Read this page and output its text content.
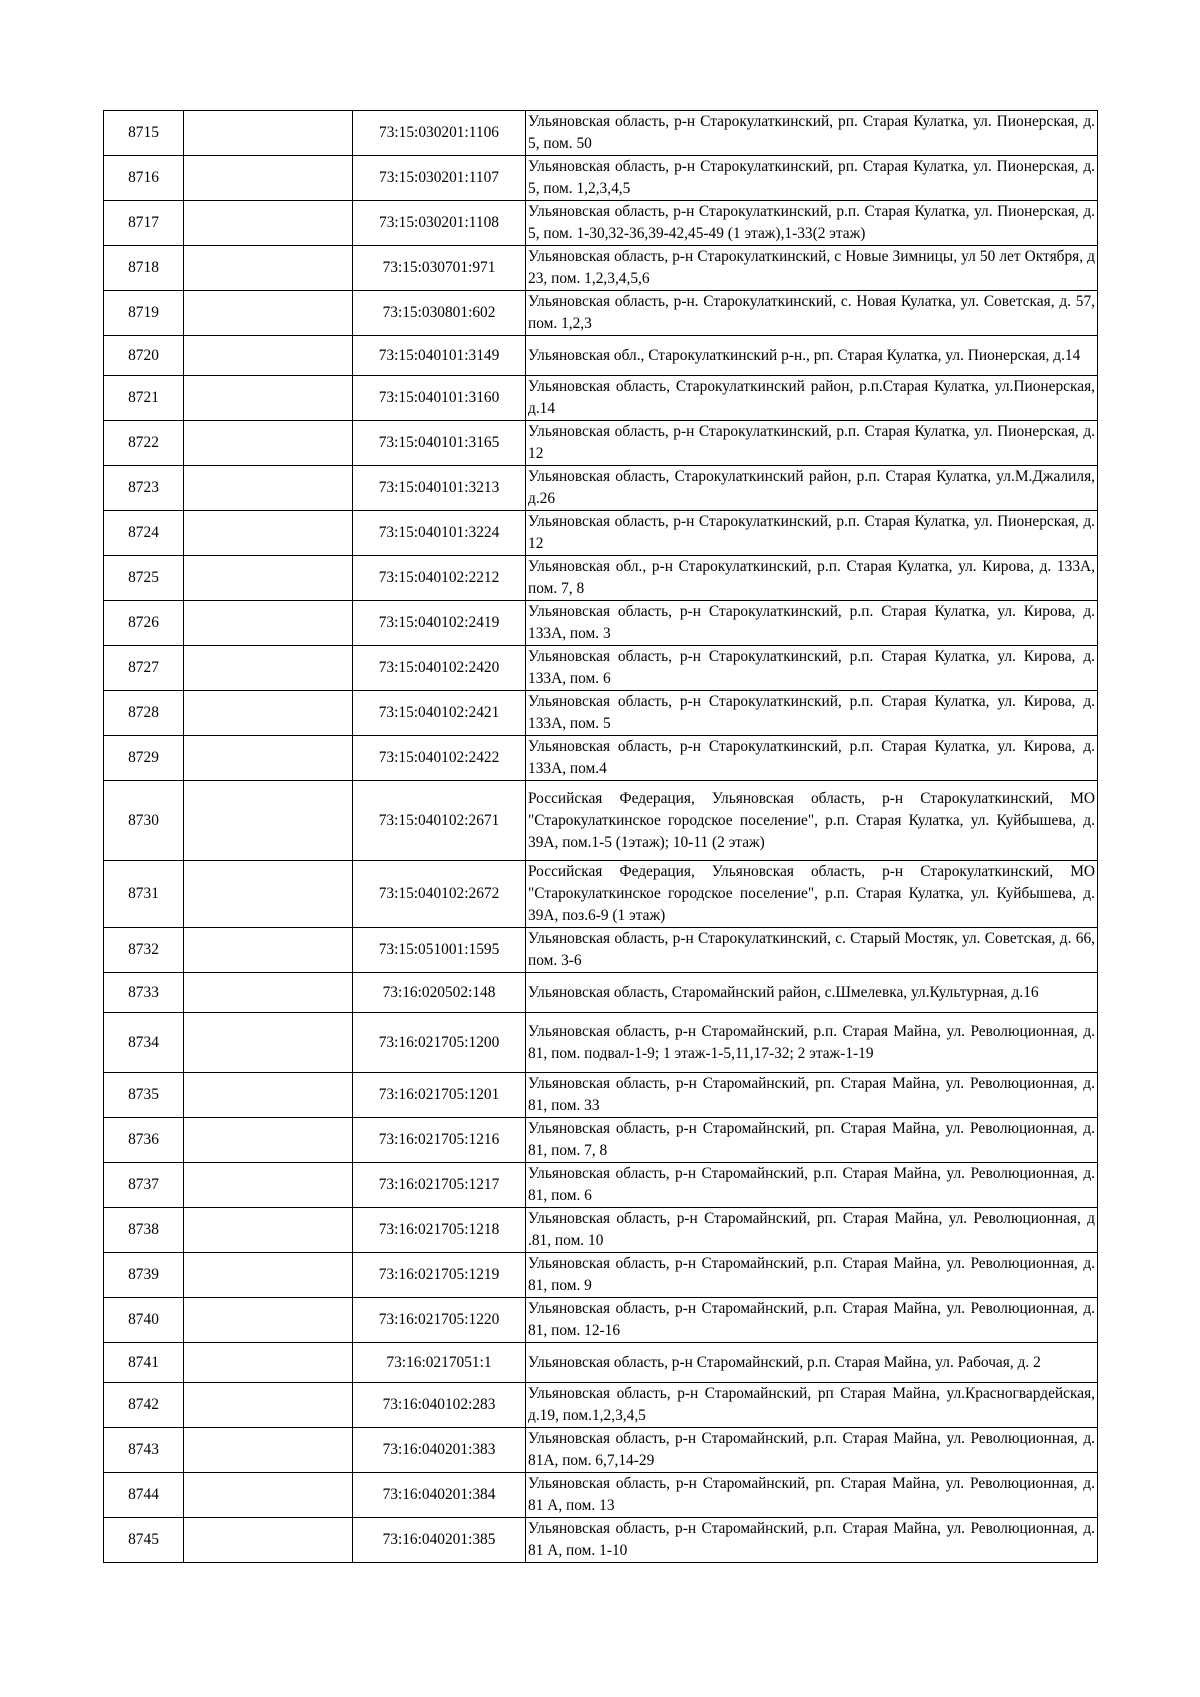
8715		73:15:030201:1106	Ульяновская область, р-н Старокулаткинский, рп. Старая Кулатка, ул. Пионерская, д. 5, пом. 50
8716		73:15:030201:1107	Ульяновская область, р-н Старокулаткинский, рп. Старая Кулатка, ул. Пионерская, д. 5, пом. 1,2,3,4,5
8717		73:15:030201:1108	Ульяновская область, р-н Старокулаткинский, р.п. Старая Кулатка, ул. Пионерская, д. 5, пом. 1-30,32-36,39-42,45-49 (1 этаж),1-33(2 этаж)
8718		73:15:030701:971	Ульяновская область, р-н Старокулаткинский, с Новые Зимницы, ул 50 лет Октября, д 23, пом. 1,2,3,4,5,6
8719		73:15:030801:602	Ульяновская область, р-н. Старокулаткинский, с. Новая Кулатка, ул. Советская, д. 57, пом. 1,2,3
8720		73:15:040101:3149	Ульяновская обл., Старокулаткинский р-н., рп. Старая Кулатка, ул. Пионерская, д.14
8721		73:15:040101:3160	Ульяновская область, Старокулаткинский район, р.п.Старая Кулатка, ул.Пионерская, д.14
8722		73:15:040101:3165	Ульяновская область, р-н Старокулаткинский, р.п. Старая Кулатка, ул. Пионерская, д. 12
8723		73:15:040101:3213	Ульяновская область, Старокулаткинский район, р.п. Старая Кулатка, ул.М.Джалиля, д.26
8724		73:15:040101:3224	Ульяновская область, р-н Старокулаткинский, р.п. Старая Кулатка, ул. Пионерская, д. 12
8725		73:15:040102:2212	Ульяновская обл., р-н Старокулаткинский, р.п. Старая Кулатка, ул. Кирова, д. 133А, пом. 7, 8
8726		73:15:040102:2419	Ульяновская область, р-н Старокулаткинский, р.п. Старая Кулатка, ул. Кирова, д. 133А, пом. 3
8727		73:15:040102:2420	Ульяновская область, р-н Старокулаткинский, р.п. Старая Кулатка, ул. Кирова, д. 133А, пом. 6
8728		73:15:040102:2421	Ульяновская область, р-н Старокулаткинский, р.п. Старая Кулатка, ул. Кирова, д. 133А, пом. 5
8729		73:15:040102:2422	Ульяновская область, р-н Старокулаткинский, р.п. Старая Кулатка, ул. Кирова, д. 133А, пом.4
8730		73:15:040102:2671	Российская Федерация, Ульяновская область, р-н Старокулаткинский, МО "Старокулаткинское городское поселение", р.п. Старая Кулатка, ул. Куйбышева, д. 39А, пом.1-5 (1этаж); 10-11 (2 этаж)
8731		73:15:040102:2672	Российская Федерация, Ульяновская область, р-н Старокулаткинский, МО "Старокулаткинское городское поселение", р.п. Старая Кулатка, ул. Куйбышева, д. 39А, поз.6-9 (1 этаж)
8732		73:15:051001:1595	Ульяновская область, р-н Старокулаткинский, с. Старый Мостяк, ул. Советская, д. 66, пом. 3-6
8733		73:16:020502:148	Ульяновская область, Старомайнский район, с.Шмелевка, ул.Культурная, д.16
8734		73:16:021705:1200	Ульяновская область, р-н Старомайнский, р.п. Старая Майна, ул. Революционная, д. 81, пом. подвал-1-9; 1 этаж-1-5,11,17-32; 2 этаж-1-19
8735		73:16:021705:1201	Ульяновская область, р-н Старомайнский, рп. Старая Майна, ул. Революционная, д. 81, пом. 33
8736		73:16:021705:1216	Ульяновская область, р-н Старомайнский, рп. Старая Майна, ул. Революционная, д. 81, пом. 7, 8
8737		73:16:021705:1217	Ульяновская область, р-н Старомайнский, р.п. Старая Майна, ул. Революционная, д. 81, пом. 6
8738		73:16:021705:1218	Ульяновская область, р-н Старомайнский, рп. Старая Майна, ул. Революционная, д .81, пом. 10
8739		73:16:021705:1219	Ульяновская область, р-н Старомайнский, р.п. Старая Майна, ул. Революционная, д. 81, пом. 9
8740		73:16:021705:1220	Ульяновская область, р-н Старомайнский, р.п. Старая Майна, ул. Революционная, д. 81, пом. 12-16
8741		73:16:0217051:1	Ульяновская область, р-н Старомайнский, р.п. Старая Майна, ул. Рабочая, д. 2
8742		73:16:040102:283	Ульяновская область, р-н Старомайнский, рп Старая Майна, ул.Красногвардейская, д.19, пом.1,2,3,4,5
8743		73:16:040201:383	Ульяновская область, р-н Старомайнский, р.п. Старая Майна, ул. Революционная, д. 81А, пом. 6,7,14-29
8744		73:16:040201:384	Ульяновская область, р-н Старомайнский, рп. Старая Майна, ул. Революционная, д. 81 А, пом. 13
8745		73:16:040201:385	Ульяновская область, р-н Старомайнский, р.п. Старая Майна, ул. Революционная, д. 81 А, пом. 1-10
